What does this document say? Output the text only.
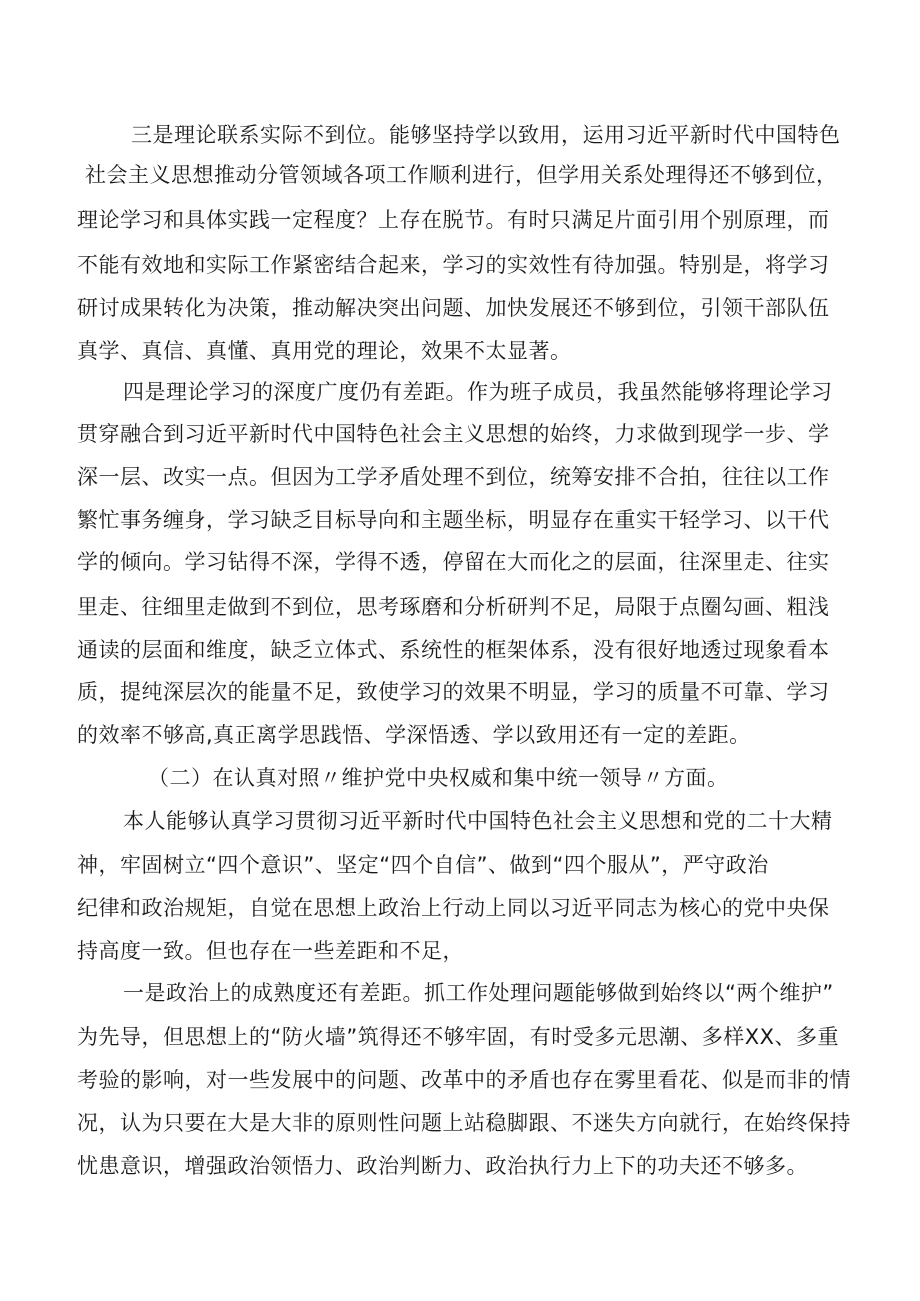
三是理论联系实际不到位。能够坚持学以致用，运用习近平新时代中国特色
社会主义思想推动分管领域各项工作顺利进行，但学用关系处理得还不够到位，
理论学习和具体实践一定程度？上存在脱节。有时只满足片面引用个别原理，而
不能有效地和实际工作紧密结合起来，学习的实效性有待加强。特别是，将学习
研讨成果转化为决策，推动解决突出问题、加快发展还不够到位，引领干部队伍
真学、真信、真懂、真用党的理论，效果不太显著。
四是理论学习的深度广度仍有差距。作为班子成员，我虽然能够将理论学习
贯穿融合到习近平新时代中国特色社会主义思想的始终，力求做到现学一步、学
深一层、改实一点。但因为工学矛盾处理不到位，统筹安排不合拍，往往以工作
繁忙事务缠身，学习缺乏目标导向和主题坐标，明显存在重实干轻学习、以干代
学的倾向。学习钻得不深，学得不透，停留在大而化之的层面，往深里走、往实
里走、往细里走做到不到位，思考琢磨和分析研判不足，局限于点圈勾画、粗浅
通读的层面和维度，缺乏立体式、系统性的框架体系，没有很好地透过现象看本
质，提纯深层次的能量不足，致使学习的效果不明显，学习的质量不可靠、学习
的效率不够高,真正离学思践悟、学深悟透、学以致用还有一定的差距。
（二）在认真对照〃维护党中央权威和集中统一领导〃方面。
本人能够认真学习贯彻习近平新时代中国特色社会主义思想和党的二十大精
神，牢固树立“四个意识”、坚定“四个自信”、做到“四个服从”，严守政治
纪律和政治规矩，自觉在思想上政治上行动上同以习近平同志为核心的党中央保
持高度一致。但也存在一些差距和不足，
一是政治上的成熟度还有差距。抓工作处理问题能够做到始终以“两个维护”
为先导，但思想上的“防火墙”筑得还不够牢固，有时受多元思潮、多样XX、多重
考验的影响，对一些发展中的问题、改革中的矛盾也存在雾里看花、似是而非的情
况，认为只要在大是大非的原则性问题上站稳脚跟、不迷失方向就行，在始终保持
忧患意识，增强政治领悟力、政治判断力、政治执行力上下的功夫还不够多。
